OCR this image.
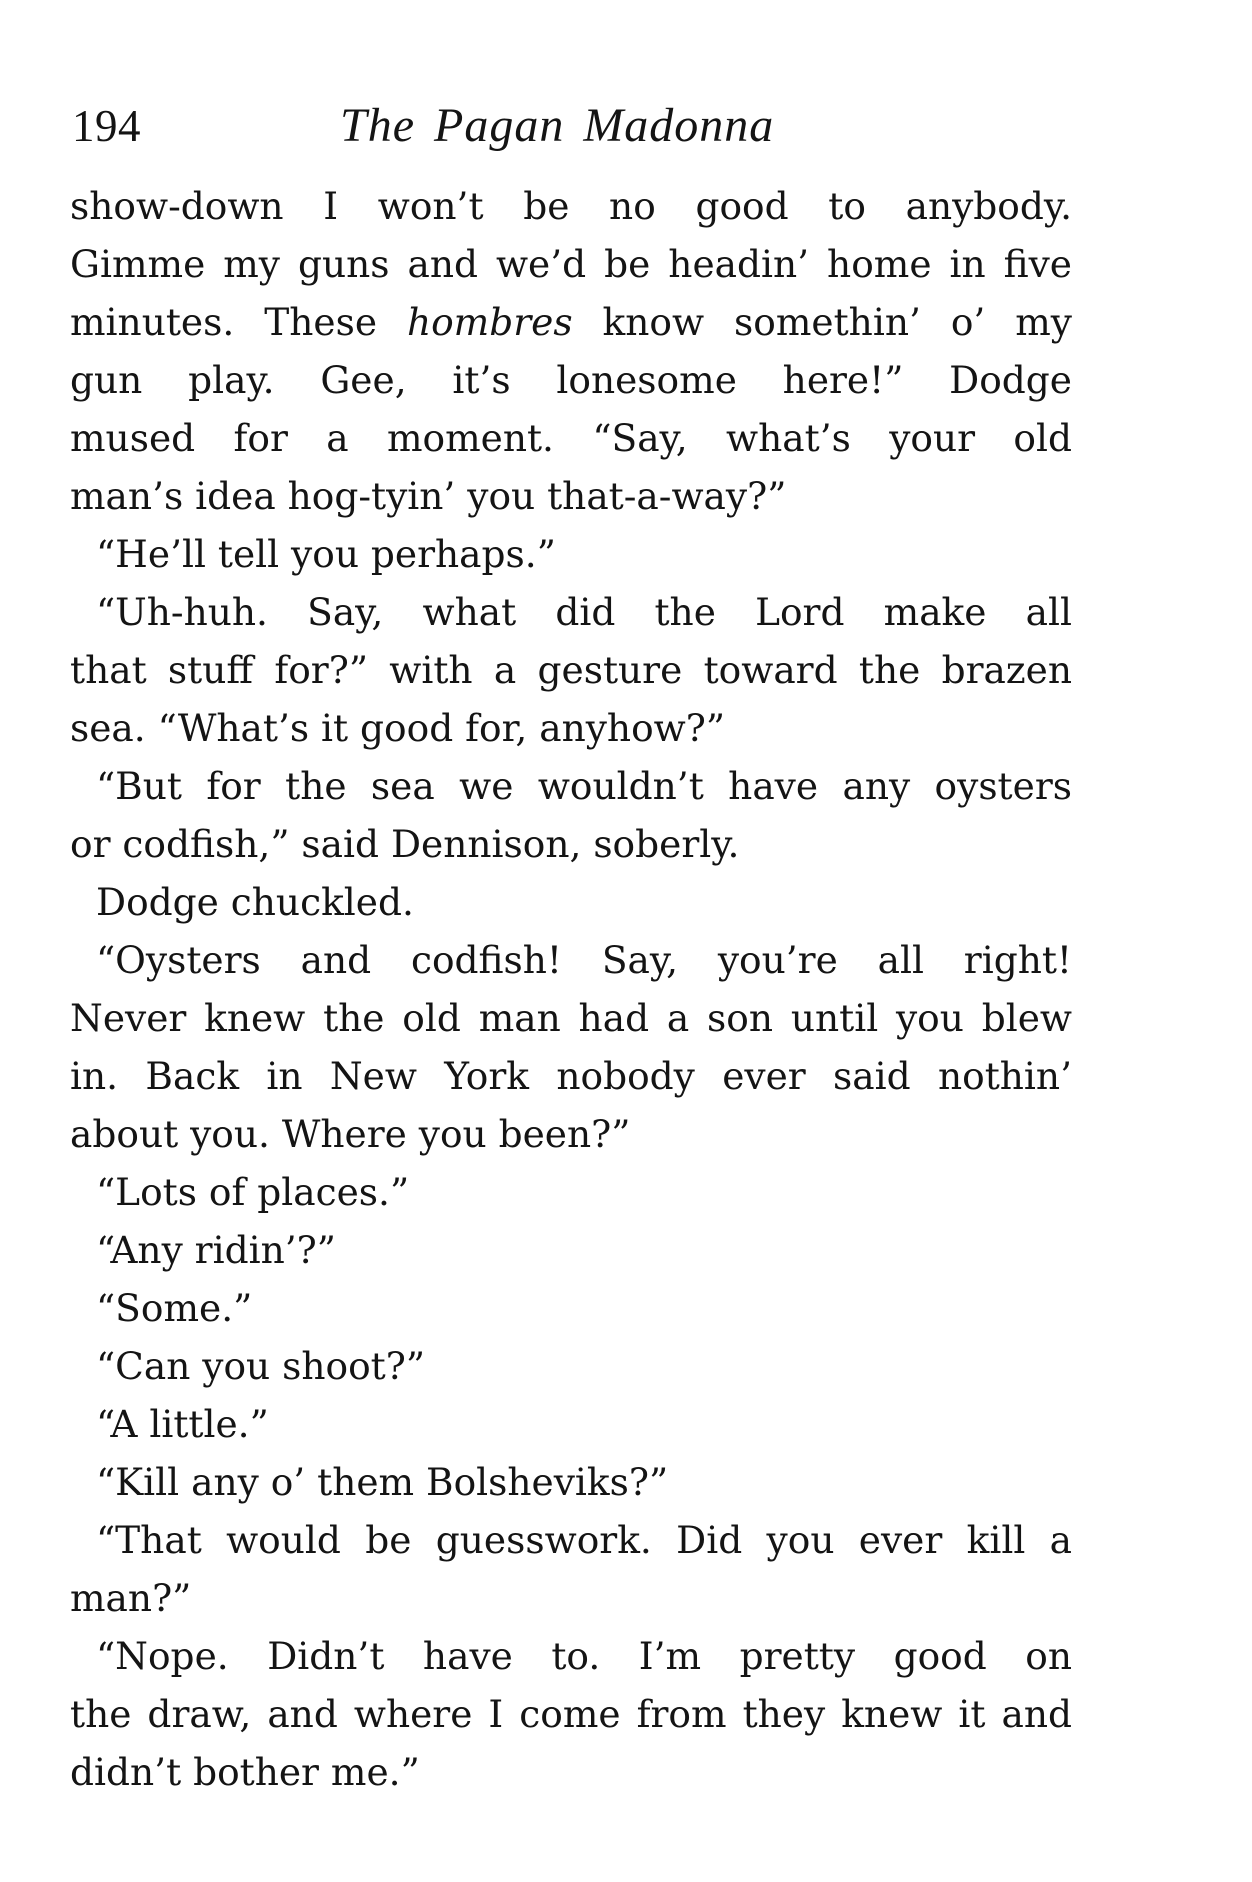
194	The Pagan Madonna
show-down I won’t be no good to anybody.
Gimme my guns and we’d be headin’ home in five
minutes. These hombres know somethin’ o’ my
gun play. Gee, it’s lonesome here!” Dodge
mused for a moment. “Say, what’s your old
man’s idea hog-tyin’ you that-a-way?”
“He’ll tell you perhaps.”
“Uh-huh. Say, what did the Lord make all
that stuff for?” with a gesture toward the brazen
sea. “What’s it good for, anyhow?”
“But for the sea we wouldn’t have any oysters
or codfish,” said Dennison, soberly.
Dodge chuckled.
“Oysters and codfish! Say, you’re all right!
Never knew the old man had a son until you blew
in. Back in New York nobody ever said nothin’
about you. Where you been?”
“Lots of places.”
“Any ridin’?”
“Some.”
“Can you shoot?”
“A little.”
“Kill any o’ them Bolsheviks?”
“That would be guesswork. Did you ever kill a
man?”
“Nope. Didn’t have to. I’m pretty good on
the draw, and where I come from they knew it and
didn’t bother me.”
